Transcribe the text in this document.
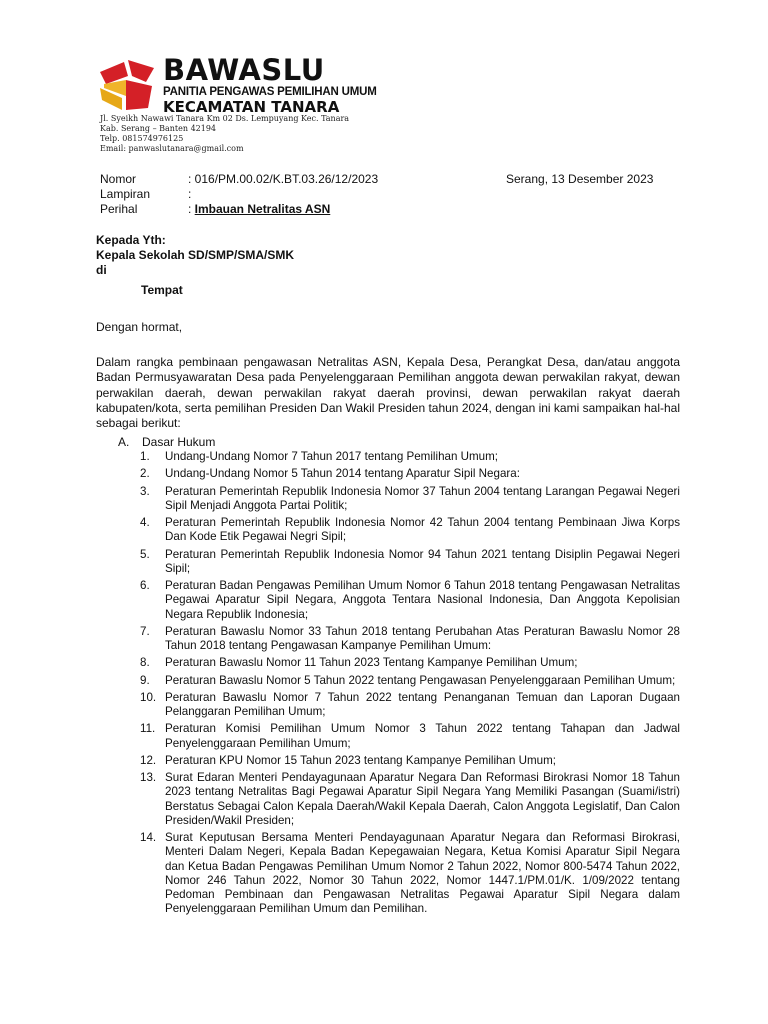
BAWASLU
PANITIA PENGAWAS PEMILIHAN UMUM
KECAMATAN TANARA
Jl. Syeikh Nawawi Tanara Km 02 Ds. Lempuyang Kec. Tanara
Kab. Serang – Banten 42194
Telp. 081574976125
Email: panwaslutanara@gmail.com
Nomor	: 016/PM.00.02/K.BT.03.26/12/2023
Lampiran	:
Perihal	: Imbauan Netralitas ASN
Serang, 13 Desember 2023
Kepada Yth:
Kepala Sekolah SD/SMP/SMA/SMK
di
Tempat
Dengan hormat,
Dalam rangka pembinaan pengawasan Netralitas ASN, Kepala Desa, Perangkat Desa, dan/atau anggota Badan Permusyawaratan Desa pada Penyelenggaraan Pemilihan anggota dewan perwakilan rakyat, dewan perwakilan daerah, dewan perwakilan rakyat daerah provinsi, dewan perwakilan rakyat daerah kabupaten/kota, serta pemilihan Presiden Dan Wakil Presiden tahun 2024, dengan ini kami sampaikan hal-hal sebagai berikut:
A. Dasar Hukum
1. Undang-Undang Nomor 7 Tahun 2017 tentang Pemilihan Umum;
2. Undang-Undang Nomor 5 Tahun 2014 tentang Aparatur Sipil Negara:
3. Peraturan Pemerintah Republik Indonesia Nomor 37 Tahun 2004 tentang Larangan Pegawai Negeri Sipil Menjadi Anggota Partai Politik;
4. Peraturan Pemerintah Republik Indonesia Nomor 42 Tahun 2004 tentang Pembinaan Jiwa Korps Dan Kode Etik Pegawai Negri Sipil;
5. Peraturan Pemerintah Republik Indonesia Nomor 94 Tahun 2021 tentang Disiplin Pegawai Negeri Sipil;
6. Peraturan Badan Pengawas Pemilihan Umum Nomor 6 Tahun 2018 tentang Pengawasan Netralitas Pegawai Aparatur Sipil Negara, Anggota Tentara Nasional Indonesia, Dan Anggota Kepolisian Negara Republik Indonesia;
7. Peraturan Bawaslu Nomor 33 Tahun 2018 tentang Perubahan Atas Peraturan Bawaslu Nomor 28 Tahun 2018 tentang Pengawasan Kampanye Pemilihan Umum:
8. Peraturan Bawaslu Nomor 11 Tahun 2023 Tentang Kampanye Pemilihan Umum;
9. Peraturan Bawaslu Nomor 5 Tahun 2022 tentang Pengawasan Penyelenggaraan Pemilihan Umum;
10. Peraturan Bawaslu Nomor 7 Tahun 2022 tentang Penanganan Temuan dan Laporan Dugaan Pelanggaran Pemilihan Umum;
11. Peraturan Komisi Pemilihan Umum Nomor 3 Tahun 2022 tentang Tahapan dan Jadwal Penyelenggaraan Pemilihan Umum;
12. Peraturan KPU Nomor 15 Tahun 2023 tentang Kampanye Pemilihan Umum;
13. Surat Edaran Menteri Pendayagunaan Aparatur Negara Dan Reformasi Birokrasi Nomor 18 Tahun 2023 tentang Netralitas Bagi Pegawai Aparatur Sipil Negara Yang Memiliki Pasangan (Suami/istri) Berstatus Sebagai Calon Kepala Daerah/Wakil Kepala Daerah, Calon Anggota Legislatif, Dan Calon Presiden/Wakil Presiden;
14. Surat Keputusan Bersama Menteri Pendayagunaan Aparatur Negara dan Reformasi Birokrasi, Menteri Dalam Negeri, Kepala Badan Kepegawaian Negara, Ketua Komisi Aparatur Sipil Negara dan Ketua Badan Pengawas Pemilihan Umum Nomor 2 Tahun 2022, Nomor 800-5474 Tahun 2022, Nomor 246 Tahun 2022, Nomor 30 Tahun 2022, Nomor 1447.1/PM.01/K. 1/09/2022 tentang Pedoman Pembinaan dan Pengawasan Netralitas Pegawai Aparatur Sipil Negara dalam Penyelenggaraan Pemilihan Umum dan Pemilihan.
